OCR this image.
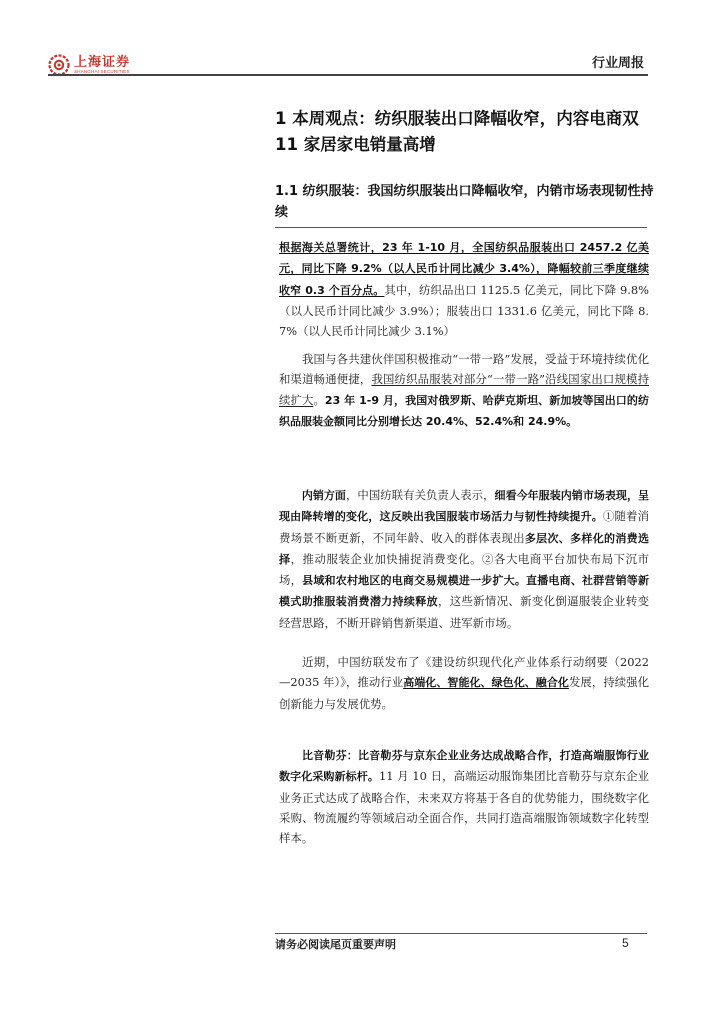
上海证券
SHANGHAI SECURITIES	行业周报
1 本周观点：纺织服装出口降幅收窄，内容电商双 11 家居家电销量高增
1.1 纺织服装：我国纺织服装出口降幅收窄，内销市场表现韧性持续
根据海关总署统计，23 年 1-10 月，全国纺织品服装出口 2457.2 亿美元，同比下降 9.2%（以人民币计同比减少 3.4%），降幅较前三季度继续收窄 0.3 个百分点。其中，纺织品出口 1125.5 亿美元，同比下降 9.8%（以人民币计同比减少 3.9%）；服装出口 1331.6 亿美元，同比下降 8.7%（以人民币计同比减少 3.1%）
  我国与各共建伙伴国积极推动“一带一路”发展，受益于环境持续优化和渠道畅通便捷，我国纺织品服装对部分“一带一路”沿线国家出口规模持续扩大。23 年 1-9 月，我国对俄罗斯、哈萨克斯坦、新加坡等国出口的纺织品服装金额同比分别增长达 20.4%、52.4%和 24.9%。
  内销方面，中国纺联有关负责人表示，细看今年服装内销市场表现，呈现由降转增的变化，这反映出我国服装市场活力与韧性持续提升。①随着消费场景不断更新，不同年龄、收入的群体表现出多层次、多样化的消费选择，推动服装企业加快捕捉消费变化。②各大电商平台加快布局下沉市场，县域和农村地区的电商交易规模进一步扩大。直播电商、社群营销等新模式助推服装消费潜力持续释放，这些新情况、新变化倒逼服装企业转变经营思路，不断开辟销售新渠道、进军新市场。
  近期，中国纺联发布了《建设纺织现代化产业体系行动纲要（2022—2035 年）》，推动行业高端化、智能化、绿色化、融合化发展，持续强化创新能力与发展优势。
  比音勒芬：比音勒芬与京东企业业务达成战略合作，打造高端服饰行业数字化采购新标杆。11 月 10 日，高端运动服饰集团比音勒芬与京东企业业务正式达成了战略合作，未来双方将基于各自的优势能力，围绕数字化采购、物流履约等领域启动全面合作，共同打造高端服饰领域数字化转型样本。
请务必阅读尾页重要声明	5
